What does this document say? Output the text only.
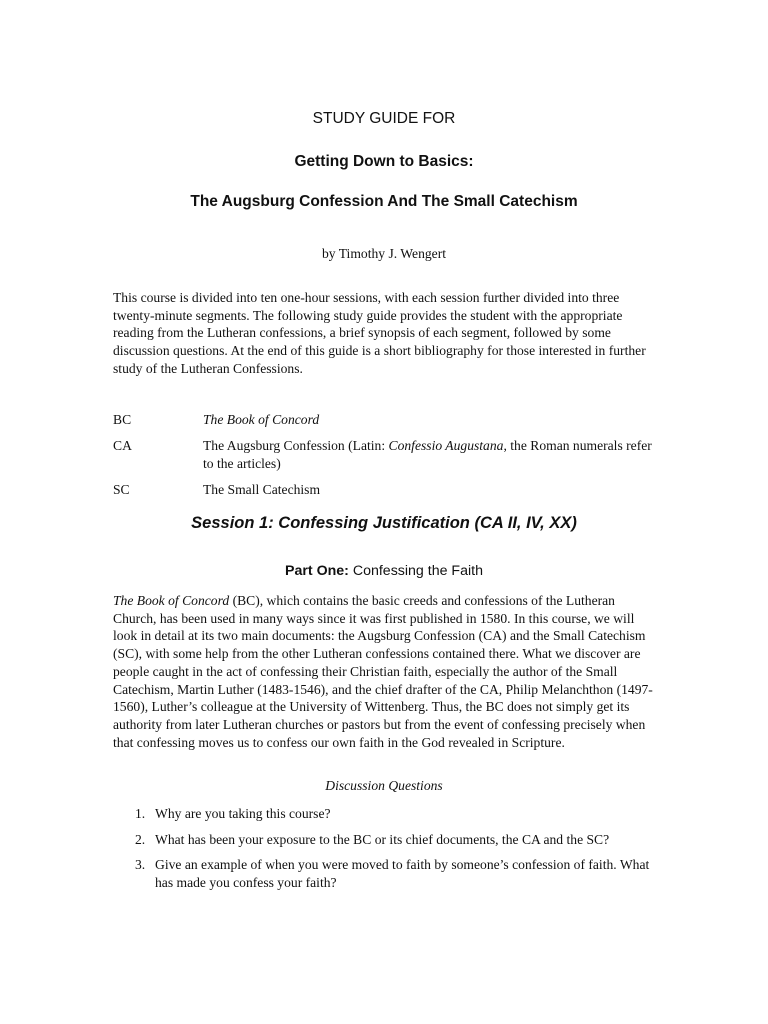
STUDY GUIDE FOR
Getting Down to Basics:
The Augsburg Confession And The Small Catechism
by Timothy J. Wengert

This course is divided into ten one-hour sessions, with each session further divided into three twenty-minute segments. The following study guide provides the student with the appropriate reading from the Lutheran confessions, a brief synopsis of each segment, followed by some discussion questions. At the end of this guide is a short bibliography for those interested in further study of the Lutheran Confessions.

BC	The Book of Concord
CA	The Augsburg Confession (Latin: Confessio Augustana, the Roman numerals refer to the articles)
SC	The Small Catechism
Session 1: Confessing Justification (CA II, IV, XX)
Part One: Confessing the Faith

The Book of Concord (BC), which contains the basic creeds and confessions of the Lutheran Church, has been used in many ways since it was first published in 1580. In this course, we will look in detail at its two main documents: the Augsburg Confession (CA) and the Small Catechism (SC), with some help from the other Lutheran confessions contained there. What we discover are people caught in the act of confessing their Christian faith, especially the author of the Small Catechism, Martin Luther (1483-1546), and the chief drafter of the CA, Philip Melanchthon (1497-1560), Luther’s colleague at the University of Wittenberg. Thus, the BC does not simply get its authority from later Lutheran churches or pastors but from the event of confessing precisely when that confessing moves us to confess our own faith in the God revealed in Scripture.

Discussion Questions
1. Why are you taking this course?
2. What has been your exposure to the BC or its chief documents, the CA and the SC?
3. Give an example of when you were moved to faith by someone’s confession of faith. What has made you confess your faith?
